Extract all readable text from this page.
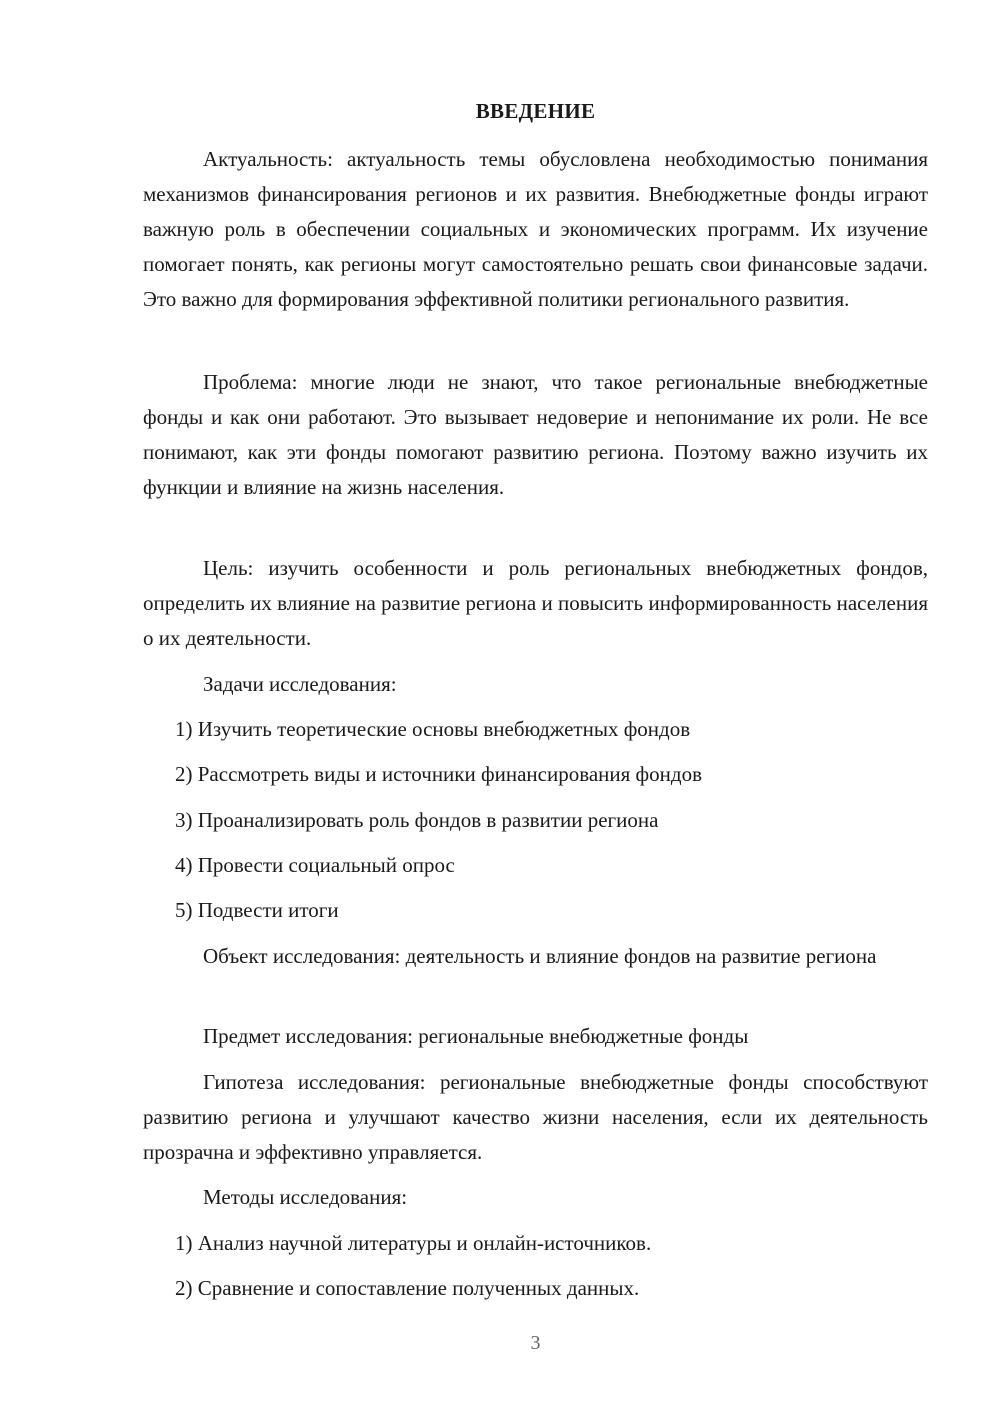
ВВЕДЕНИЕ

Актуальность: актуальность темы обусловлена необходимостью понимания механизмов финансирования регионов и их развития. Внебюджетные фонды играют важную роль в обеспечении социальных и экономических программ. Их изучение помогает понять, как регионы могут самостоятельно решать свои финансовые задачи. Это важно для формирования эффективной политики регионального развития.

Проблема: многие люди не знают, что такое региональные внебюджетные фонды и как они работают. Это вызывает недоверие и непонимание их роли. Не все понимают, как эти фонды помогают развитию региона. Поэтому важно изучить их функции и влияние на жизнь населения.

Цель: изучить особенности и роль региональных внебюджетных фондов, определить их влияние на развитие региона и повысить информированность населения о их деятельности.

Задачи исследования:

1) Изучить теоретические основы внебюджетных фондов

2) Рассмотреть виды и источники финансирования фондов

3) Проанализировать роль фондов в развитии региона

4) Провести социальный опрос

5) Подвести итоги

Объект исследования: деятельность и влияние фондов на развитие региона

Предмет исследования: региональные внебюджетные фонды

Гипотеза исследования: региональные внебюджетные фонды способствуют развитию региона и улучшают качество жизни населения, если их деятельность прозрачна и эффективно управляется.

Методы исследования:

1) Анализ научной литературы и онлайн-источников.

2) Сравнение и сопоставление полученных данных.

3
